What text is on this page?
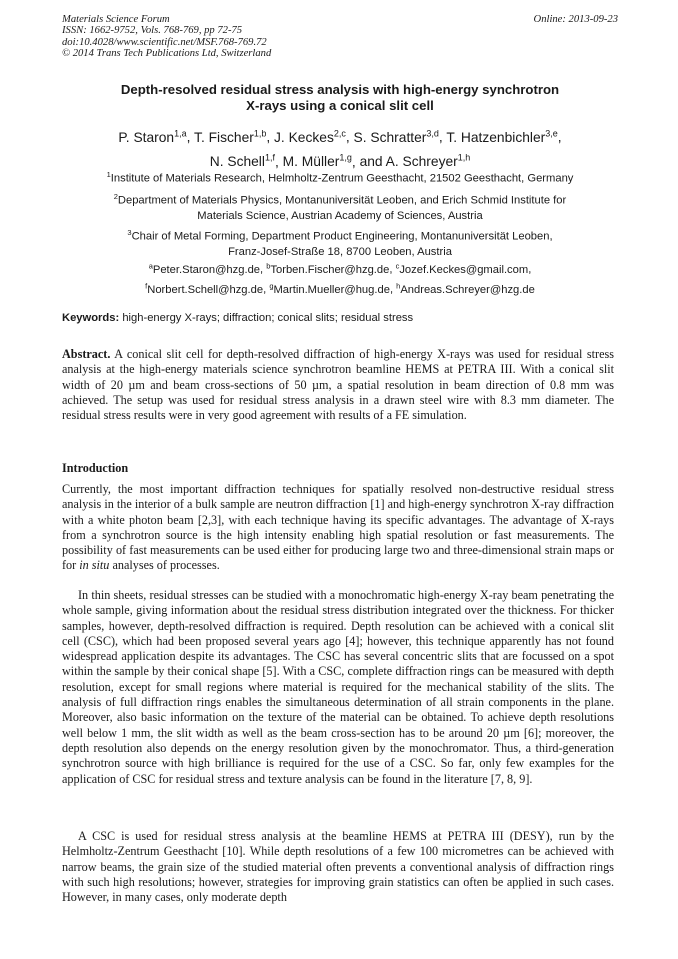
Materials Science Forum
ISSN: 1662-9752, Vols. 768-769, pp 72-75
doi:10.4028/www.scientific.net/MSF.768-769.72
© 2014 Trans Tech Publications Ltd, Switzerland
Online: 2013-09-23
Depth-resolved residual stress analysis with high-energy synchrotron
X-rays using a conical slit cell
P. Staron$^{1,a}$, T. Fischer$^{1,b}$, J. Keckes$^{2,c}$, S. Schratter$^{3,d}$, T. Hatzenbichler$^{3,e}$,
N. Schell$^{1,f}$, M. Müller$^{1,g}$, and A. Schreyer$^{1,h}$
$^1$Institute of Materials Research, Helmholtz-Zentrum Geesthacht, 21502 Geesthacht, Germany
$^2$Department of Materials Physics, Montanuniversität Leoben, and Erich Schmid Institute for
Materials Science, Austrian Academy of Sciences, Austria
$^3$Chair of Metal Forming, Department Product Engineering, Montanuniversität Leoben,
Franz-Josef-Straße 18, 8700 Leoben, Austria
$^a$Peter.Staron@hzg.de, $^b$Torben.Fischer@hzg.de, $^c$Jozef.Keckes@gmail.com,
$^f$Norbert.Schell@hzg.de, $^g$Martin.Mueller@hug.de, $^h$Andreas.Schreyer@hzg.de
Keywords: high-energy X-rays; diffraction; conical slits; residual stress
Abstract. A conical slit cell for depth-resolved diffraction of high-energy X-rays was used for residual stress analysis at the high-energy materials science synchrotron beamline HEMS at PETRA III. With a conical slit width of 20 µm and beam cross-sections of 50 µm, a spatial resolution in beam direction of 0.8 mm was achieved. The setup was used for residual stress analysis in a drawn steel wire with 8.3 mm diameter. The residual stress results were in very good agreement with results of a FE simulation.
Introduction
Currently, the most important diffraction techniques for spatially resolved non-destructive residual stress analysis in the interior of a bulk sample are neutron diffraction [1] and high-energy synchrotron X-ray diffraction with a white photon beam [2,3], with each technique having its specific advantages. The advantage of X-rays from a synchrotron source is the high intensity enabling high spatial resolution or fast measurements. The possibility of fast measurements can be used either for producing large two and three-dimensional strain maps or for in situ analyses of processes.
In thin sheets, residual stresses can be studied with a monochromatic high-energy X-ray beam penetrating the whole sample, giving information about the residual stress distribution integrated over the thickness. For thicker samples, however, depth-resolved diffraction is required. Depth resolution can be achieved with a conical slit cell (CSC), which had been proposed several years ago [4]; however, this technique apparently has not found widespread application despite its advantages. The CSC has several concentric slits that are focussed on a spot within the sample by their conical shape [5]. With a CSC, complete diffraction rings can be measured with depth resolution, except for small regions where material is required for the mechanical stability of the slits. The analysis of full diffraction rings enables the simultaneous determination of all strain components in the plane. Moreover, also basic information on the texture of the material can be obtained. To achieve depth resolutions well below 1 mm, the slit width as well as the beam cross-section has to be around 20 µm [6]; moreover, the depth resolution also depends on the energy resolution given by the monochromator. Thus, a third-generation synchrotron source with high brilliance is required for the use of a CSC. So far, only few examples for the application of CSC for residual stress and texture analysis can be found in the literature [7, 8, 9].
A CSC is used for residual stress analysis at the beamline HEMS at PETRA III (DESY), run by the Helmholtz-Zentrum Geesthacht [10]. While depth resolutions of a few 100 micrometres can be achieved with narrow beams, the grain size of the studied material often prevents a conventional analysis of diffraction rings with such high resolutions; however, strategies for improving grain statistics can often be applied in such cases. However, in many cases, only moderate depth
